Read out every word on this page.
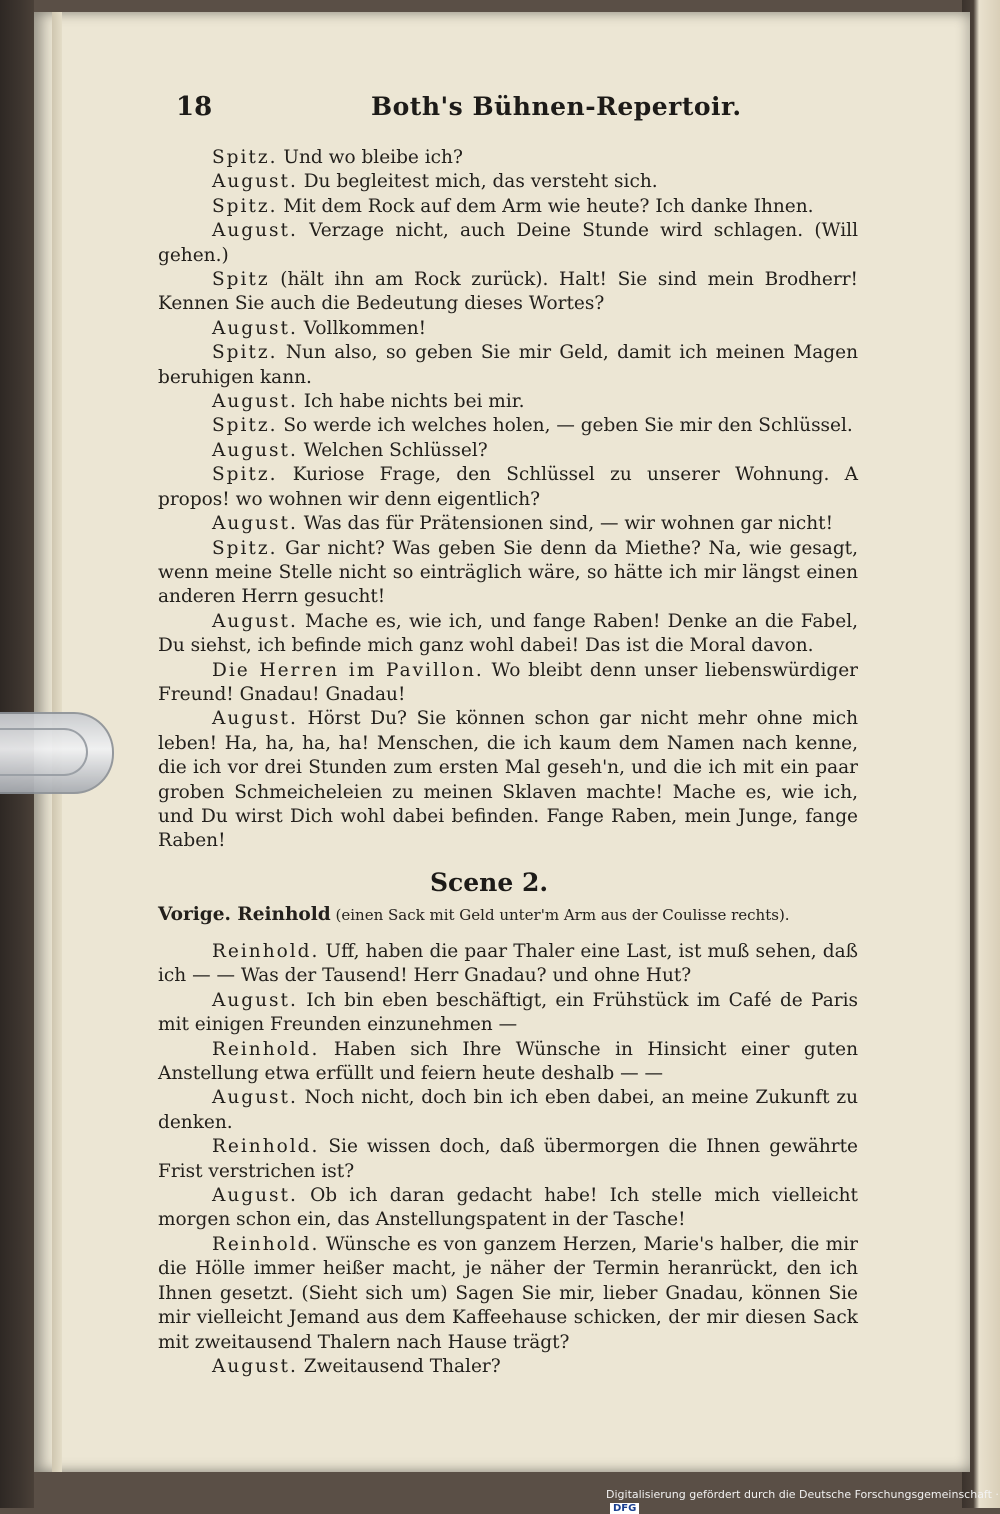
18	Both's Bühnen-Repertoir.

Spitz. Und wo bleibe ich?

August. Du begleitest mich, das versteht sich.

Spitz. Mit dem Rock auf dem Arm wie heute? Ich danke Ihnen.

August. Verzage nicht, auch Deine Stunde wird schlagen. (Will gehen.)

Spitz (hält ihn am Rock zurück). Halt! Sie sind mein Brodherr! Kennen Sie auch die Bedeutung dieses Wortes?

August. Vollkommen!

Spitz. Nun also, so geben Sie mir Geld, damit ich meinen Magen beruhigen kann.

August. Ich habe nichts bei mir.

Spitz. So werde ich welches holen, — geben Sie mir den Schlüssel.

August. Welchen Schlüssel?

Spitz. Kuriose Frage, den Schlüssel zu unserer Wohnung. A propos! wo wohnen wir denn eigentlich?

August. Was das für Prätensionen sind, — wir wohnen gar nicht!

Spitz. Gar nicht? Was geben Sie denn da Miethe? Na, wie gesagt, wenn meine Stelle nicht so einträglich wäre, so hätte ich mir längst einen anderen Herrn gesucht!

August. Mache es, wie ich, und fange Raben! Denke an die Fabel, Du siehst, ich befinde mich ganz wohl dabei! Das ist die Moral davon.

Die Herren im Pavillon. Wo bleibt denn unser liebenswürdiger Freund! Gnadau! Gnadau!

August. Hörst Du? Sie können schon gar nicht mehr ohne mich leben! Ha, ha, ha, ha! Menschen, die ich kaum dem Namen nach kenne, die ich vor drei Stunden zum ersten Mal geseh'n, und die ich mit ein paar groben Schmeicheleien zu meinen Sklaven machte! Mache es, wie ich, und Du wirst Dich wohl dabei befinden. Fange Raben, mein Junge, fange Raben!

Scene 2.
Vorige. Reinhold (einen Sack mit Geld unter'm Arm aus der Coulisse rechts).

Reinhold. Uff, haben die paar Thaler eine Last, ist muß sehen, daß ich — — Was der Tausend! Herr Gnadau? und ohne Hut?

August. Ich bin eben beschäftigt, ein Frühstück im Café de Paris mit einigen Freunden einzunehmen —

Reinhold. Haben sich Ihre Wünsche in Hinsicht einer guten Anstellung etwa erfüllt und feiern heute deshalb — —

August. Noch nicht, doch bin ich eben dabei, an meine Zukunft zu denken.

Reinhold. Sie wissen doch, daß übermorgen die Ihnen gewährte Frist verstrichen ist?

August. Ob ich daran gedacht habe! Ich stelle mich vielleicht morgen schon ein, das Anstellungspatent in der Tasche!

Reinhold. Wünsche es von ganzem Herzen, Marie's halber, die mir die Hölle immer heißer macht, je näher der Termin heranrückt, den ich Ihnen gesetzt. (Sieht sich um) Sagen Sie mir, lieber Gnadau, können Sie mir vielleicht Jemand aus dem Kaffeehause schicken, der mir diesen Sack mit zweitausend Thalern nach Hause trägt?

August. Zweitausend Thaler?

Digitalisierung gefördert durch die Deutsche Forschungsgemeinschaft · DFG
